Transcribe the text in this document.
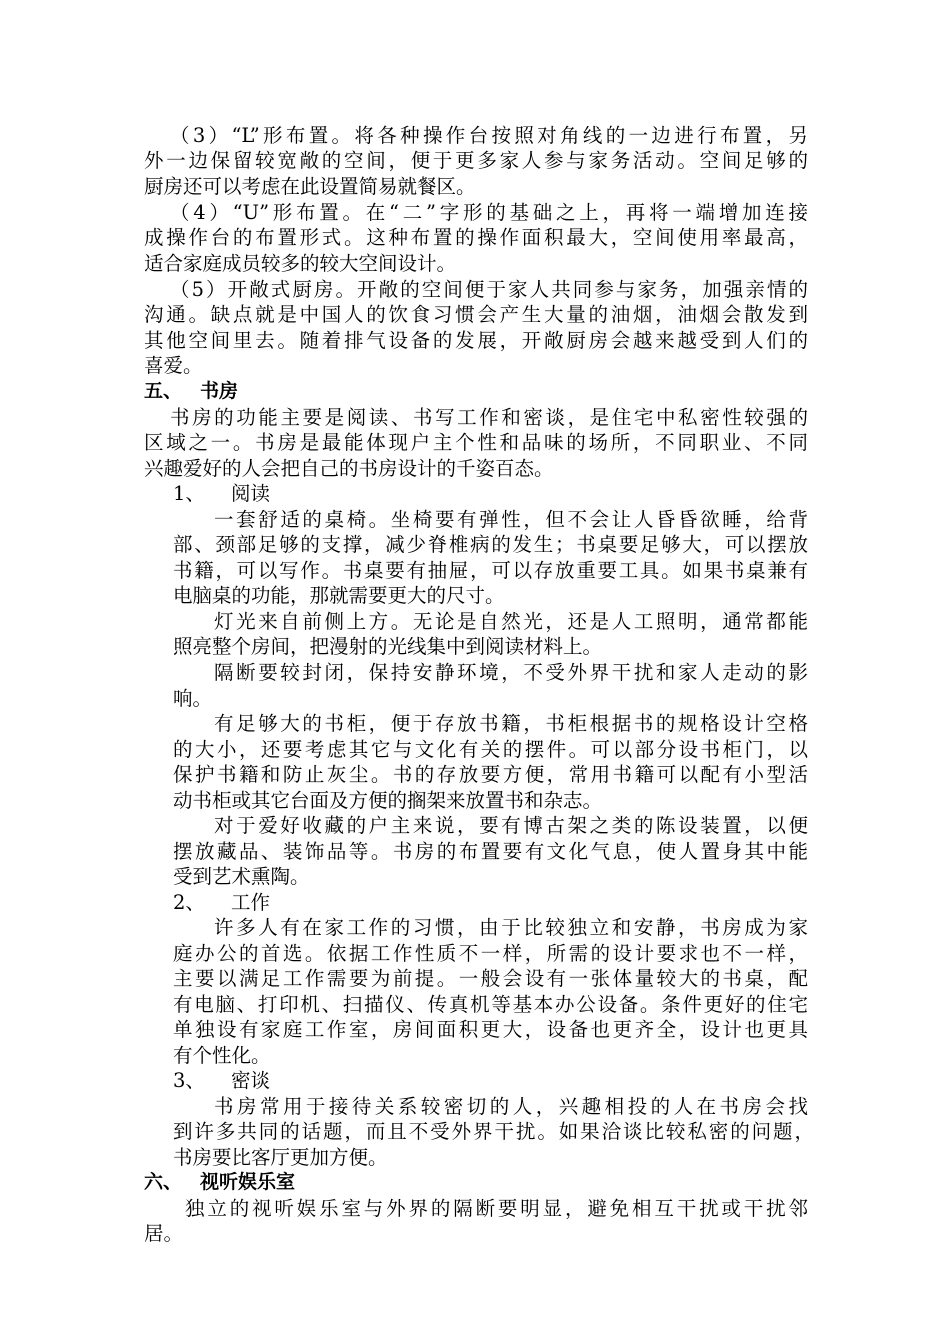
（3）“L”形布置。将各种操作台按照对角线的一边进行布置，另
外一边保留较宽敞的空间，便于更多家人参与家务活动。空间足够的
厨房还可以考虑在此设置简易就餐区。
（4）“U”形布置。在“二”字形的基础之上，再将一端增加连接
成操作台的布置形式。这种布置的操作面积最大，空间使用率最高，
适合家庭成员较多的较大空间设计。
（5）开敞式厨房。开敞的空间便于家人共同参与家务，加强亲情的
沟通。缺点就是中国人的饮食习惯会产生大量的油烟，油烟会散发到
其他空间里去。随着排气设备的发展，开敞厨房会越来越受到人们的
喜爱。
五、 书房
书房的功能主要是阅读、书写工作和密谈，是住宅中私密性较强的
区域之一。书房是最能体现户主个性和品味的场所，不同职业、不同
兴趣爱好的人会把自己的书房设计的千姿百态。
1、 阅读
一套舒适的桌椅。坐椅要有弹性，但不会让人昏昏欲睡，给背
部、颈部足够的支撑，减少脊椎病的发生；书桌要足够大，可以摆放
书籍，可以写作。书桌要有抽屉，可以存放重要工具。如果书桌兼有
电脑桌的功能，那就需要更大的尺寸。
灯光来自前侧上方。无论是自然光，还是人工照明，通常都能
照亮整个房间，把漫射的光线集中到阅读材料上。
隔断要较封闭，保持安静环境，不受外界干扰和家人走动的影
响。
有足够大的书柜，便于存放书籍，书柜根据书的规格设计空格
的大小，还要考虑其它与文化有关的摆件。可以部分设书柜门，以
保护书籍和防止灰尘。书的存放要方便，常用书籍可以配有小型活
动书柜或其它台面及方便的搁架来放置书和杂志。
对于爱好收藏的户主来说，要有博古架之类的陈设装置，以便
摆放藏品、装饰品等。书房的布置要有文化气息，使人置身其中能
受到艺术熏陶。
2、 工作
许多人有在家工作的习惯，由于比较独立和安静，书房成为家
庭办公的首选。依据工作性质不一样，所需的设计要求也不一样，
主要以满足工作需要为前提。一般会设有一张体量较大的书桌，配
有电脑、打印机、扫描仪、传真机等基本办公设备。条件更好的住宅
单独设有家庭工作室，房间面积更大，设备也更齐全，设计也更具
有个性化。
3、 密谈
书房常用于接待关系较密切的人，兴趣相投的人在书房会找
到许多共同的话题，而且不受外界干扰。如果洽谈比较私密的问题，
书房要比客厅更加方便。
六、 视听娱乐室
独立的视听娱乐室与外界的隔断要明显，避免相互干扰或干扰邻
居。
